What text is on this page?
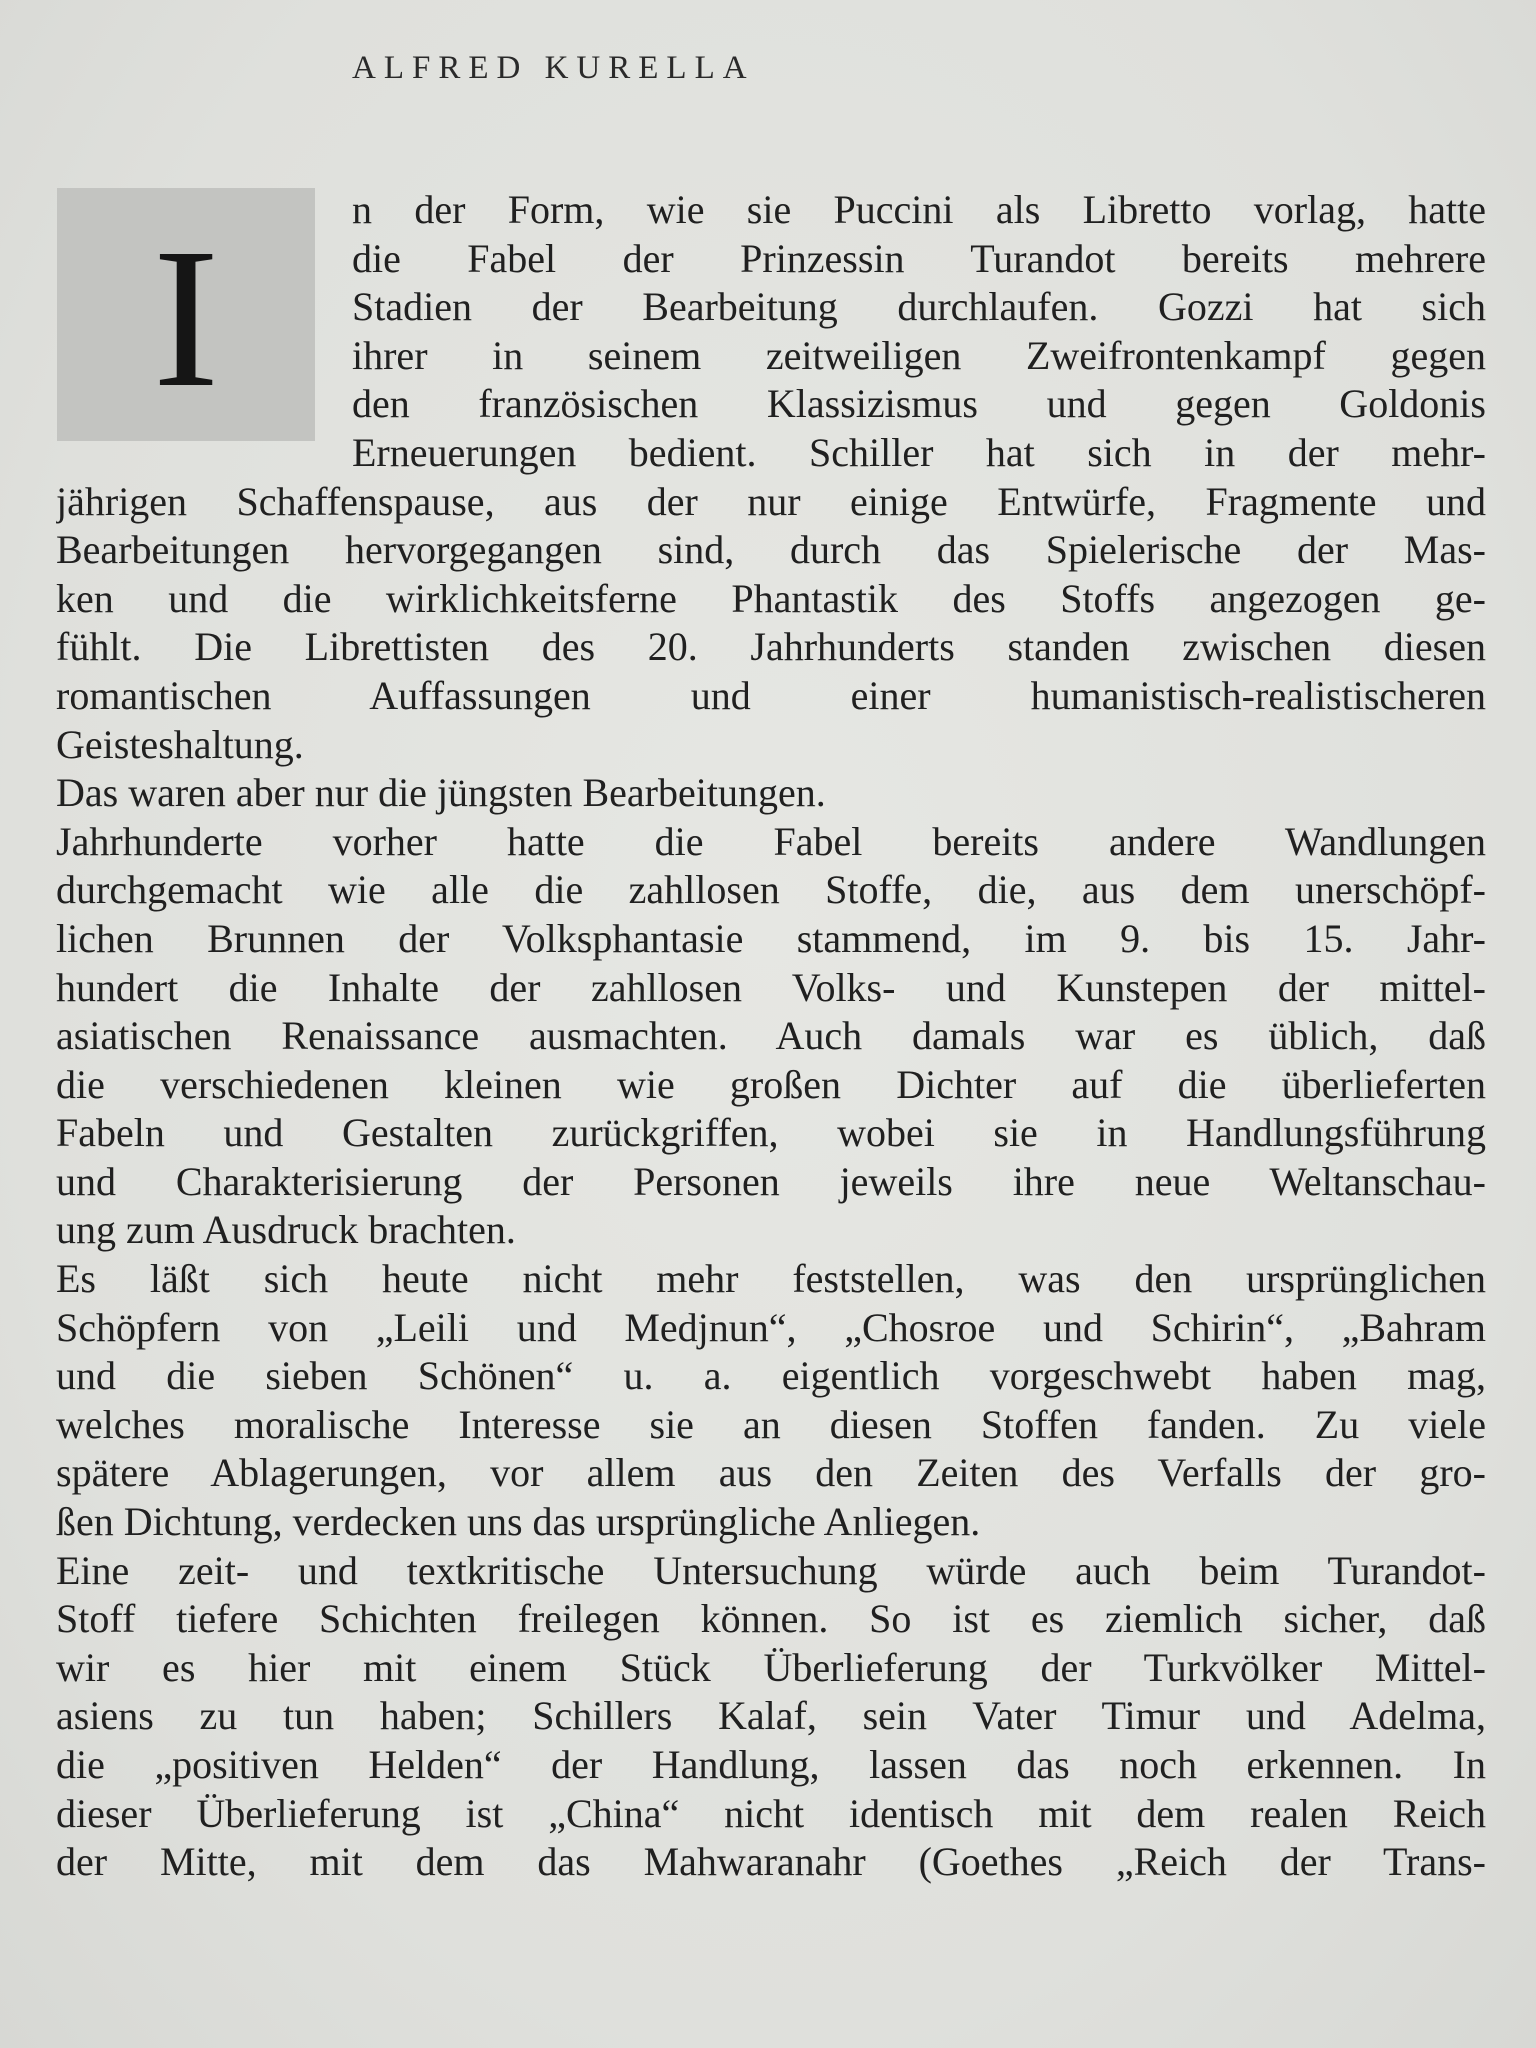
ALFRED KURELLA
I	n der Form, wie sie Puccini als Libretto vorlag, hatte
die Fabel der Prinzessin Turandot bereits mehrere
Stadien der Bearbeitung durchlaufen. Gozzi hat sich
ihrer in seinem zeitweiligen Zweifrontenkampf gegen
den französischen Klassizismus und gegen Goldonis
Erneuerungen bedient. Schiller hat sich in der mehr-
jährigen Schaffenspause, aus der nur einige Entwürfe, Fragmente und
Bearbeitungen hervorgegangen sind, durch das Spielerische der Mas-
ken und die wirklichkeitsferne Phantastik des Stoffs angezogen ge-
fühlt. Die Librettisten des 20. Jahrhunderts standen zwischen diesen
romantischen Auffassungen und einer humanistisch-realistischeren
Geisteshaltung.
Das waren aber nur die jüngsten Bearbeitungen.
Jahrhunderte vorher hatte die Fabel bereits andere Wandlungen
durchgemacht wie alle die zahllosen Stoffe, die, aus dem unerschöpf-
lichen Brunnen der Volksphantasie stammend, im 9. bis 15. Jahr-
hundert die Inhalte der zahllosen Volks- und Kunstepen der mittel-
asiatischen Renaissance ausmachten. Auch damals war es üblich, daß
die verschiedenen kleinen wie großen Dichter auf die überlieferten
Fabeln und Gestalten zurückgriffen, wobei sie in Handlungsführung
und Charakterisierung der Personen jeweils ihre neue Weltanschau-
ung zum Ausdruck brachten.
Es läßt sich heute nicht mehr feststellen, was den ursprünglichen
Schöpfern von „Leili und Medjnun“, „Chosroe und Schirin“, „Bahram
und die sieben Schönen“ u. a. eigentlich vorgeschwebt haben mag,
welches moralische Interesse sie an diesen Stoffen fanden. Zu viele
spätere Ablagerungen, vor allem aus den Zeiten des Verfalls der gro-
ßen Dichtung, verdecken uns das ursprüngliche Anliegen.
Eine zeit- und textkritische Untersuchung würde auch beim Turandot-
Stoff tiefere Schichten freilegen können. So ist es ziemlich sicher, daß
wir es hier mit einem Stück Überlieferung der Turkvölker Mittel-
asiens zu tun haben; Schillers Kalaf, sein Vater Timur und Adelma,
die „positiven Helden“ der Handlung, lassen das noch erkennen. In
dieser Überlieferung ist „China“ nicht identisch mit dem realen Reich
der Mitte, mit dem das Mahwaranahr (Goethes „Reich der Trans-
